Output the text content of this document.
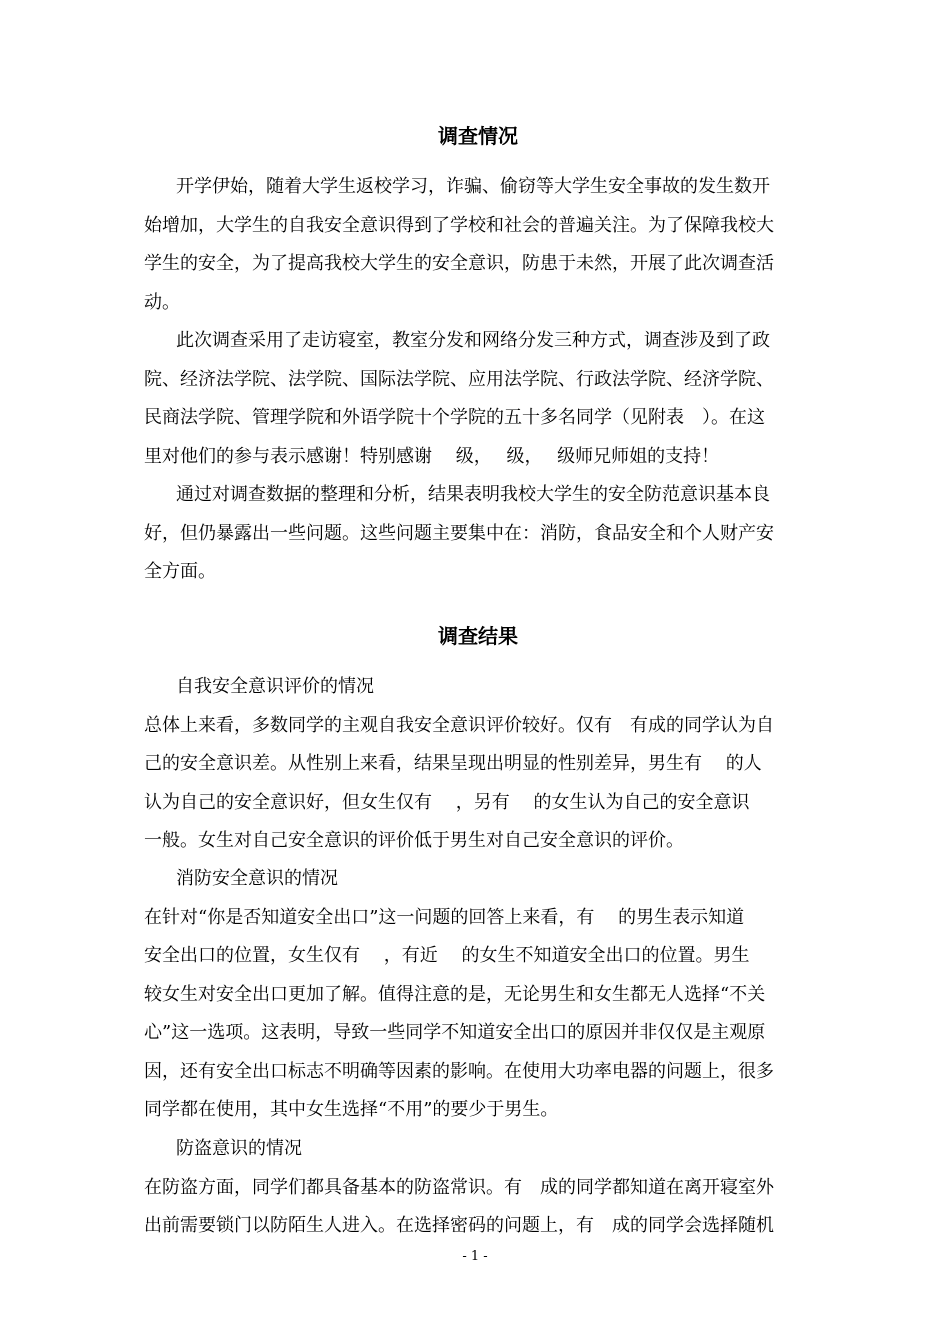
调查情况
开学伊始，随着大学生返校学习，诈骗、偷窃等大学生安全事故的发生数开
始增加，大学生的自我安全意识得到了学校和社会的普遍关注。为了保障我校大
学生的安全，为了提高我校大学生的安全意识，防患于未然，开展了此次调查活
动。
此次调查采用了走访寝室，教室分发和网络分发三种方式，调查涉及到了政
院、经济法学院、法学院、国际法学院、应用法学院、行政法学院、经济学院、
民商法学院、管理学院和外语学院十个学院的五十多名同学（见附表　）。在这
里对他们的参与表示感谢！特别感谢　 级，　 级，　 级师兄师姐的支持！
通过对调查数据的整理和分析，结果表明我校大学生的安全防范意识基本良
好，但仍暴露出一些问题。这些问题主要集中在：消防，食品安全和个人财产安
全方面。
调查结果
自我安全意识评价的情况
总体上来看，多数同学的主观自我安全意识评价较好。仅有　有成的同学认为自
己的安全意识差。从性别上来看，结果呈现出明显的性别差异，男生有　 的人
认为自己的安全意识好，但女生仅有　 ，另有　 的女生认为自己的安全意识
一般。女生对自己安全意识的评价低于男生对自己安全意识的评价。
消防安全意识的情况
在针对“你是否知道安全出口”这一问题的回答上来看，有　 的男生表示知道
安全出口的位置，女生仅有　 ，有近　 的女生不知道安全出口的位置。男生
较女生对安全出口更加了解。值得注意的是，无论男生和女生都无人选择“不关
心”这一选项。这表明，导致一些同学不知道安全出口的原因并非仅仅是主观原
因，还有安全出口标志不明确等因素的影响。在使用大功率电器的问题上，很多
同学都在使用，其中女生选择“不用”的要少于男生。
防盗意识的情况
在防盗方面，同学们都具备基本的防盗常识。有　成的同学都知道在离开寝室外
出前需要锁门以防陌生人进入。在选择密码的问题上，有　成的同学会选择随机
- 1 -
